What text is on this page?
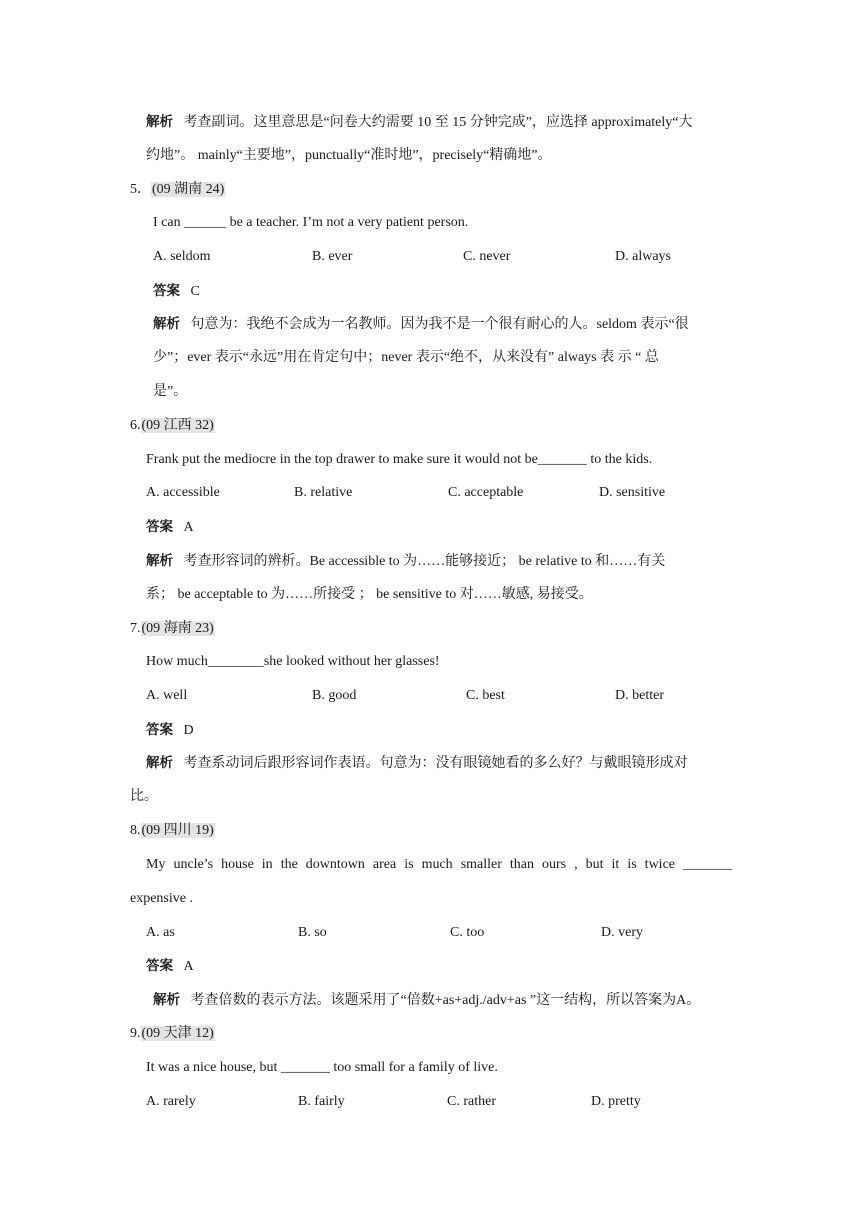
解析 考查副词。这里意思是“问卷大约需要 10 至 15 分钟完成”，应选择 approximately“大
约地”。 mainly“主要地”，punctually“准时地”，precisely“精确地”。
5．(09 湖南 24)
I can ______ be a teacher. I’m not a very patient person.
A. seldom	B. ever	C. never	D. always
答案 C
解析 句意为：我绝不会成为一名教师。因为我不是一个很有耐心的人。seldom 表示“很
少”；ever 表示“永远”用在肯定句中；never 表示“绝不，从来没有” always 表 示 “ 总
是”。
6.(09 江西 32)
Frank put the mediocre in the top drawer to make sure it would not be_______ to the kids.
A. accessible	B. relative	C. acceptable	D. sensitive
答案 A
解析 考查形容词的辨析。Be accessible to 为……能够接近； be relative to 和……有关
系； be acceptable to 为……所接受 ； be sensitive to 对……敏感, 易接受。
7.(09 海南 23)
How much________she looked without her glasses!
A. well	B. good	C. best	D. better
答案 D
解析 考查系动词后跟形容词作表语。句意为：没有眼镜她看的多么好？与戴眼镜形成对
比。
8.(09 四川 19)
My uncle’s house in the downtown area is much smaller than ours , but it is twice _______
expensive .
A. as	B. so	C. too	D. very
答案 A
解析 考查倍数的表示方法。该题采用了“倍数+as+adj./adv+as ”这一结构，所以答案为A。
9.(09 天津 12)
It was a nice house, but _______ too small for a family of live.
A. rarely	B. fairly	C. rather	D. pretty
